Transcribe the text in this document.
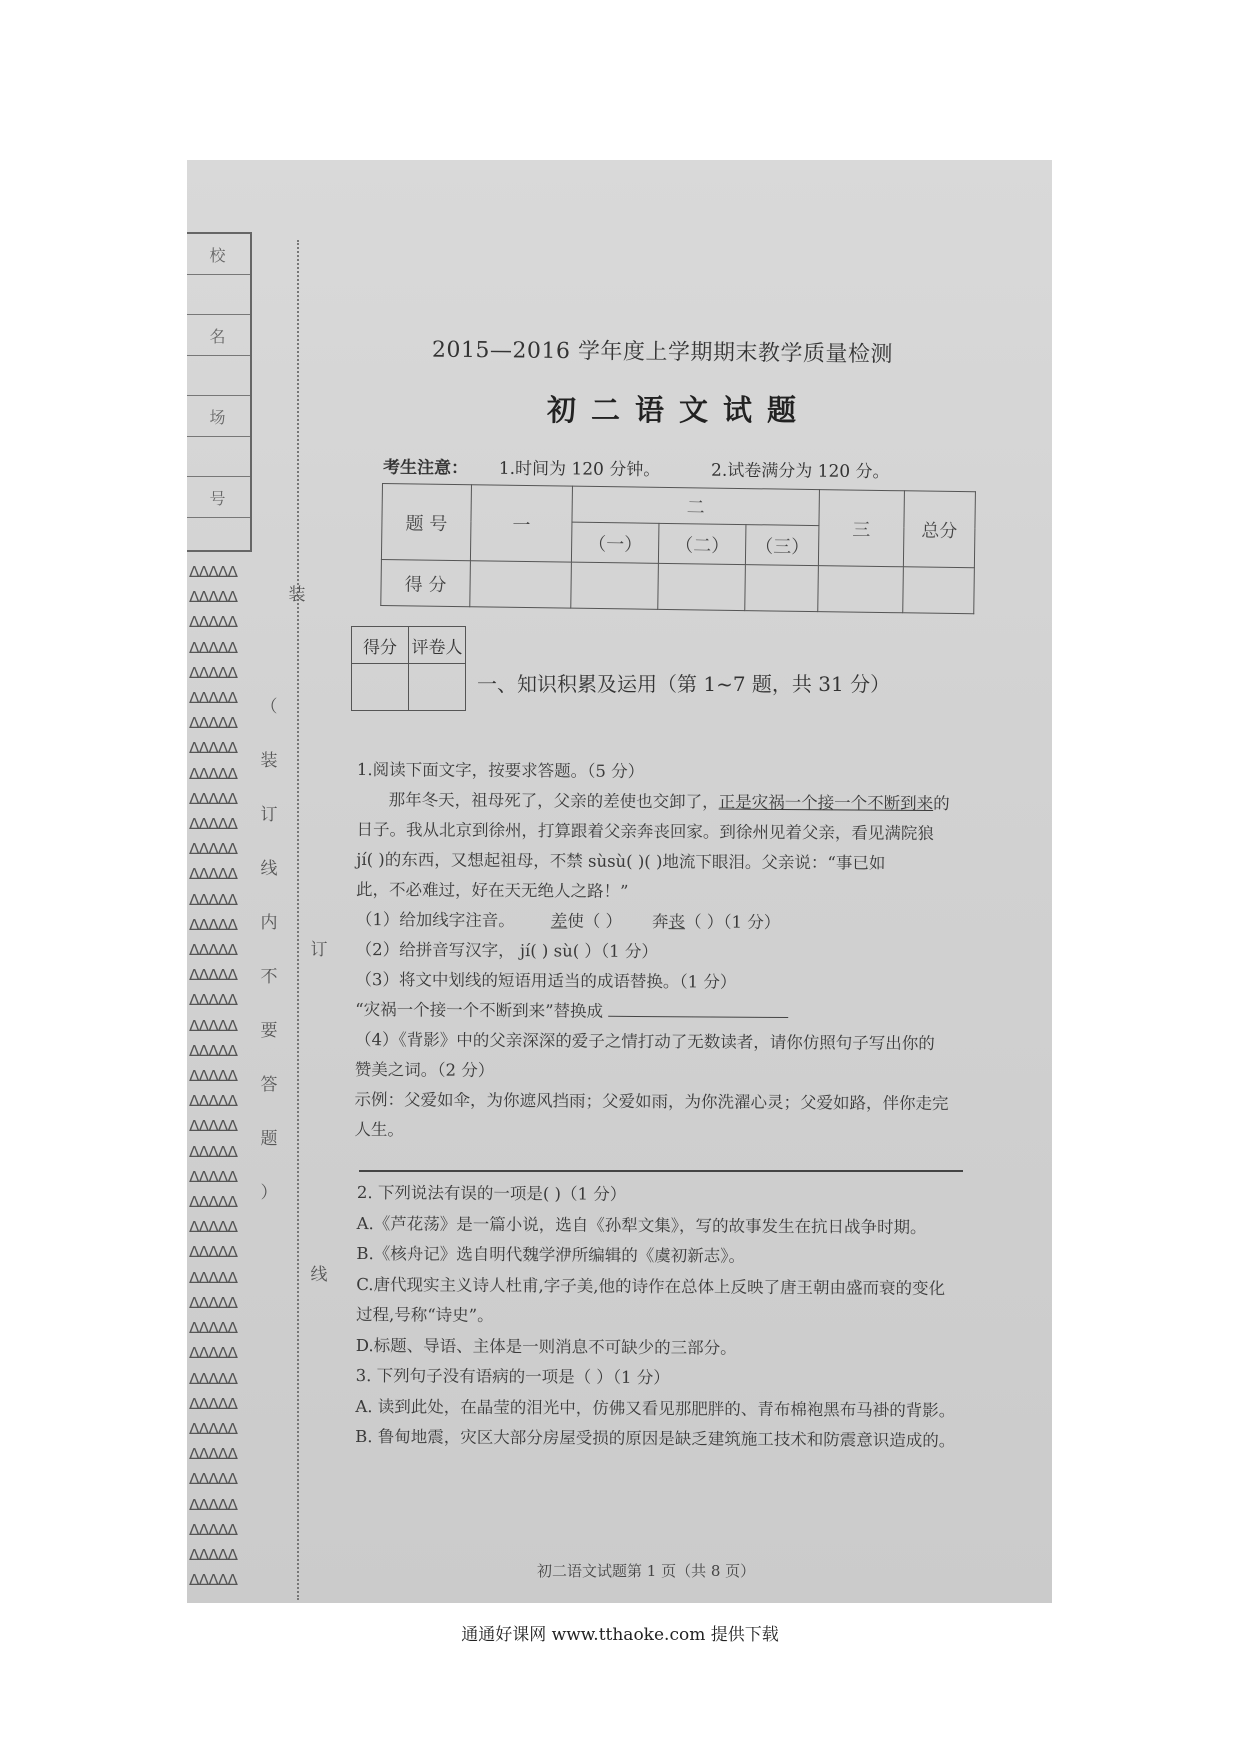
校
名
场
号
ΔΔΔΔΔ
ΔΔΔΔΔ
ΔΔΔΔΔ
ΔΔΔΔΔ
ΔΔΔΔΔ
ΔΔΔΔΔ
ΔΔΔΔΔ
ΔΔΔΔΔ
ΔΔΔΔΔ
ΔΔΔΔΔ
ΔΔΔΔΔ
ΔΔΔΔΔ
ΔΔΔΔΔ
ΔΔΔΔΔ
ΔΔΔΔΔ
ΔΔΔΔΔ
ΔΔΔΔΔ
ΔΔΔΔΔ
ΔΔΔΔΔ
ΔΔΔΔΔ
ΔΔΔΔΔ
ΔΔΔΔΔ
ΔΔΔΔΔ
ΔΔΔΔΔ
ΔΔΔΔΔ
ΔΔΔΔΔ
ΔΔΔΔΔ
ΔΔΔΔΔ
ΔΔΔΔΔ
ΔΔΔΔΔ
ΔΔΔΔΔ
ΔΔΔΔΔ
ΔΔΔΔΔ
ΔΔΔΔΔ
ΔΔΔΔΔ
ΔΔΔΔΔ
ΔΔΔΔΔ
ΔΔΔΔΔ
ΔΔΔΔΔ
ΔΔΔΔΔ
ΔΔΔΔΔ
装
订
线
（
装
订
线
内
不
要
答
题
）
2015—2016 学年度上学期期末教学质量检测
初二语文试题
考生注意： 1.时间为 120 分钟。	2.试卷满分为 120 分。
题 号	一	二			三	总分
		（一）	（二）	（三）		
得 分						
得分	评卷人

一、知识积累及运用（第 1~7 题，共 31 分）

1.阅读下面文字，按要求答题。（5 分）

那年冬天，祖母死了，父亲的差使也交卸了，正是灾祸一个接一个不断到来的

日子。我从北京到徐州，打算跟着父亲奔丧回家。到徐州见着父亲，看见满院狼

jí( )的东西，又想起祖母，不禁 sùsù( )( )地流下眼泪。父亲说：“事已如

此，不必难过，好在天无绝人之路！”

（1）给加线字注音。 差使（ ） 奔丧（ ）（1 分）

（2）给拼音写汉字， jí( ) sù( ）（1 分）

（3）将文中划线的短语用适当的成语替换。（1 分）

“灾祸一个接一个不断到来”替换成

（4）《背影》中的父亲深深的爱子之情打动了无数读者，请你仿照句子写出你的

赞美之词。（2 分）

示例：父爱如伞，为你遮风挡雨；父爱如雨，为你洗濯心灵；父爱如路，伴你走完

人生。

2. 下列说法有误的一项是( )（1 分）

A.《芦花荡》是一篇小说，选自《孙犁文集》，写的故事发生在抗日战争时期。

B.《核舟记》选自明代魏学洢所编辑的《虞初新志》。

C.唐代现实主义诗人杜甫,字子美,他的诗作在总体上反映了唐王朝由盛而衰的变化

过程,号称“诗史”。

D.标题、导语、主体是一则消息不可缺少的三部分。

3. 下列句子没有语病的一项是（ ）（1 分）

A. 读到此处，在晶莹的泪光中，仿佛又看见那肥胖的、青布棉袍黑布马褂的背影。

B. 鲁甸地震，灾区大部分房屋受损的原因是缺乏建筑施工技术和防震意识造成的。

初二语文试题第 1 页（共 8 页）
通通好课网 www.tthaoke.com 提供下载
